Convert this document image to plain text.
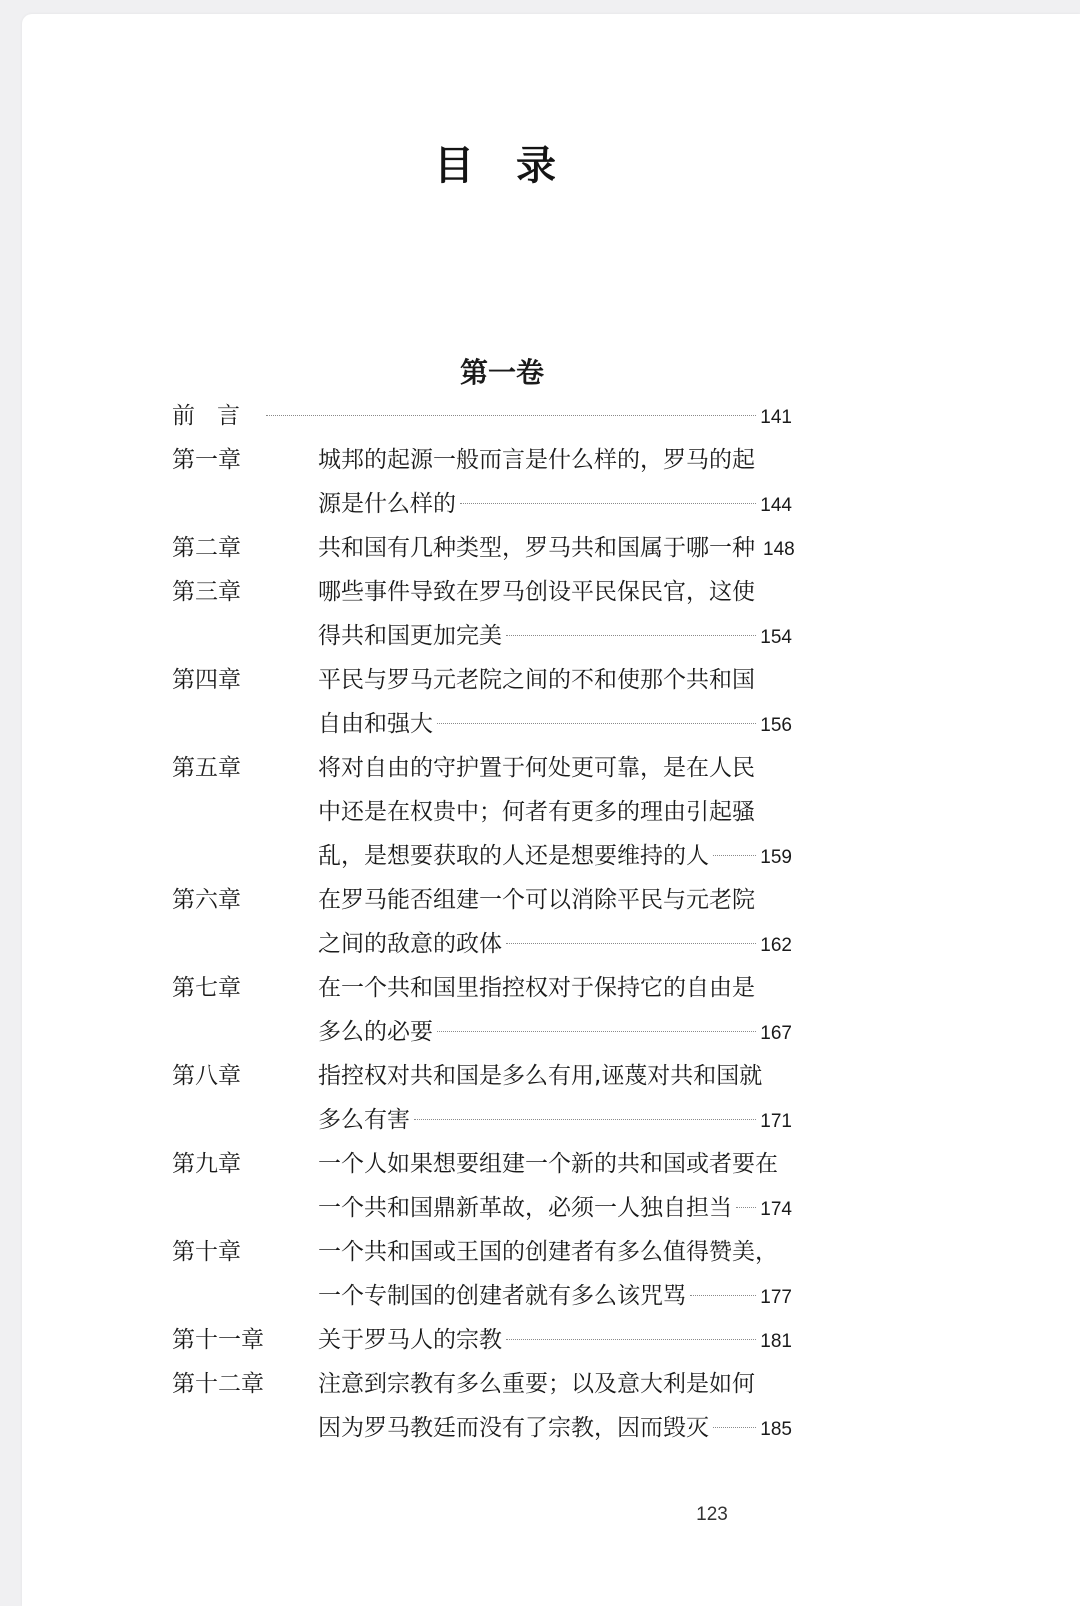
目 录
第一卷
前言	141
第一章	城邦的起源一般而言是什么样的，罗马的起
源是什么样的	144
第二章	共和国有几种类型，罗马共和国属于哪一种 148
第三章	哪些事件导致在罗马创设平民保民官，这使
得共和国更加完美	154
第四章	平民与罗马元老院之间的不和使那个共和国
自由和强大	156
第五章	将对自由的守护置于何处更可靠，是在人民
中还是在权贵中；何者有更多的理由引起骚
乱，是想要获取的人还是想要维持的人	159
第六章	在罗马能否组建一个可以消除平民与元老院
之间的敌意的政体	162
第七章	在一个共和国里指控权对于保持它的自由是
多么的必要	167
第八章	指控权对共和国是多么有用,诬蔑对共和国就
多么有害	171
第九章	一个人如果想要组建一个新的共和国或者要在
一个共和国鼎新革故，必须一人独自担当 174
第十章	一个共和国或王国的创建者有多么值得赞美，
一个专制国的创建者就有多么该咒骂	177
第十一章	关于罗马人的宗教	181
第十二章	注意到宗教有多么重要；以及意大利是如何
因为罗马教廷而没有了宗教，因而毁灭	185
123
